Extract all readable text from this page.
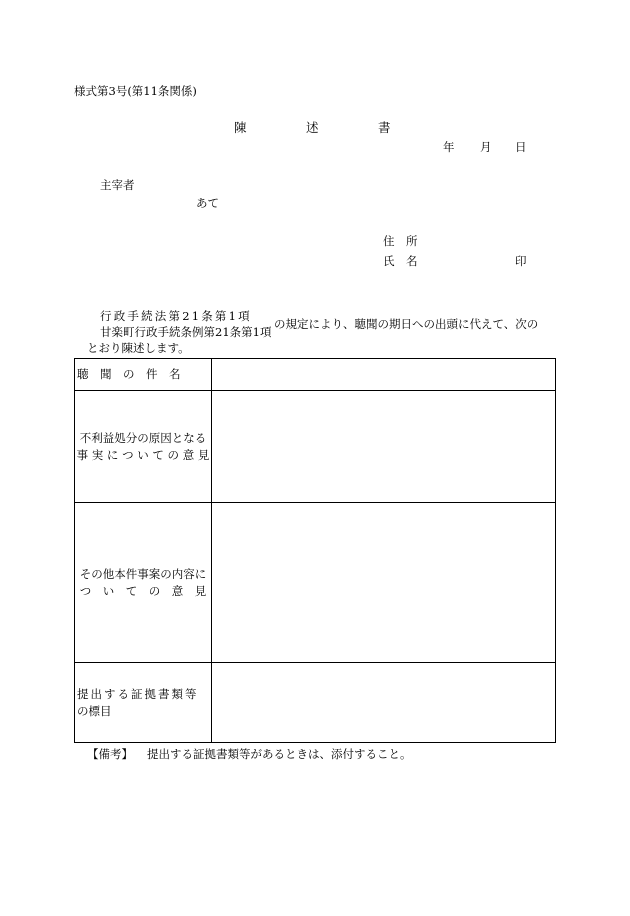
様式第3号(第11条関係)
陳	述	書
年 月 日
主宰者
あて
住　所
氏　名	印
行政手続法第21条第1項
甘楽町行政手続条例第21条第1項
の規定により、聴聞の期日への出頭に代えて、次の
とおり陳述します。
聴　聞　の　件　名	

不利益処分の原因となる
事 実 に つ い て の 意 見	

その他本件事案の内容に
つ　い　て　の　意　見	

提出する証拠書類等
の標目	

【備考】 提出する証拠書類等があるときは、添付すること。
